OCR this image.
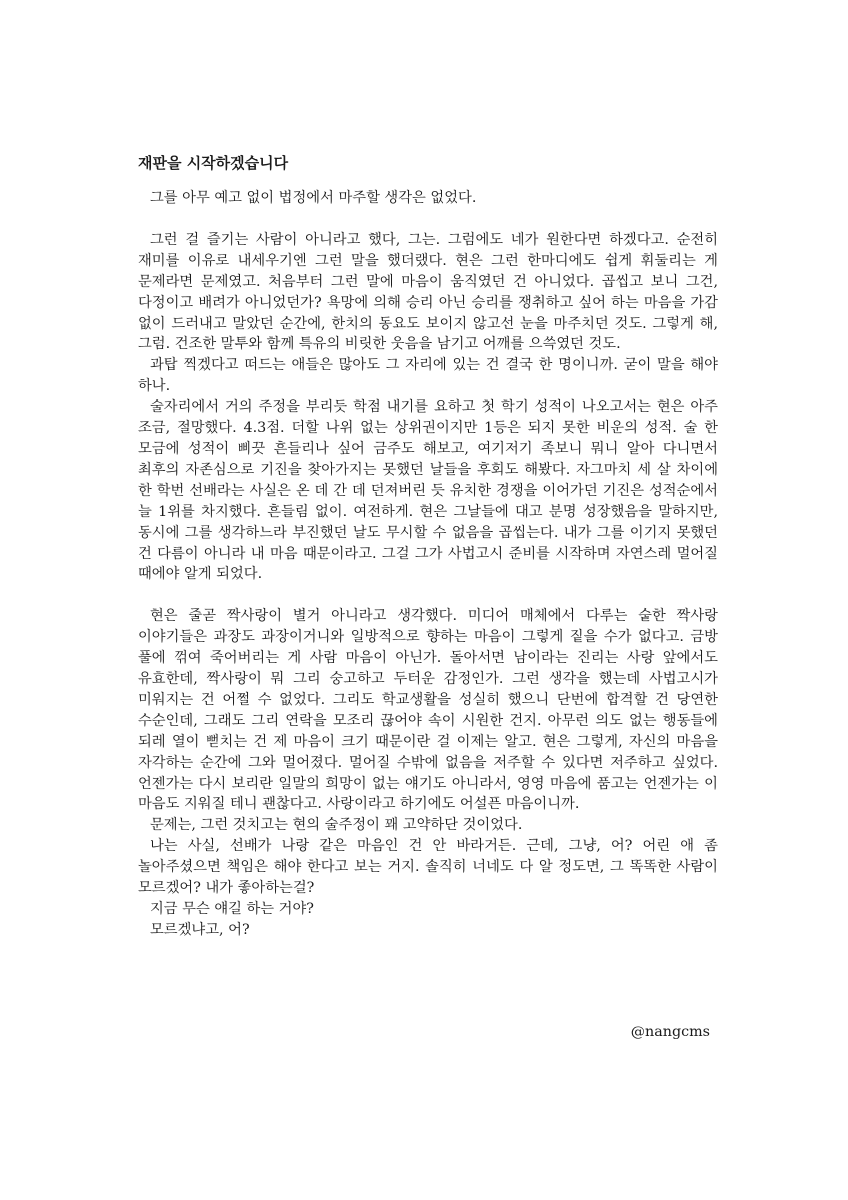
재판을 시작하겠습니다

그를 아무 예고 없이 법정에서 마주할 생각은 없었다.

그런 걸 즐기는 사람이 아니라고 했다, 그는. 그럼에도 네가 원한다면 하겠다고. 순전히 재미를 이유로 내세우기엔 그런 말을 했더랬다. 현은 그런 한마디에도 쉽게 휘둘리는 게 문제라면 문제였고. 처음부터 그런 말에 마음이 움직였던 건 아니었다. 곱씹고 보니 그건, 다정이고 배려가 아니었던가? 욕망에 의해 승리 아닌 승리를 쟁취하고 싶어 하는 마음을 가감 없이 드러내고 말았던 순간에, 한치의 동요도 보이지 않고선 눈을 마주치던 것도. 그렇게 해, 그럼. 건조한 말투와 함께 특유의 비릿한 웃음을 남기고 어깨를 으쓱였던 것도.

과탑 찍겠다고 떠드는 애들은 많아도 그 자리에 있는 건 결국 한 명이니까. 굳이 말을 해야 하나.

술자리에서 거의 주정을 부리듯 학점 내기를 요하고 첫 학기 성적이 나오고서는 현은 아주 조금, 절망했다. 4.3점. 더할 나위 없는 상위권이지만 1등은 되지 못한 비운의 성적. 술 한 모금에 성적이 삐끗 흔들리나 싶어 금주도 해보고, 여기저기 족보니 뭐니 알아 다니면서 최후의 자존심으로 기진을 찾아가지는 못했던 날들을 후회도 해봤다. 자그마치 세 살 차이에 한 학번 선배라는 사실은 온 데 간 데 던져버린 듯 유치한 경쟁을 이어가던 기진은 성적순에서 늘 1위를 차지했다. 흔들림 없이. 여전하게. 현은 그날들에 대고 분명 성장했음을 말하지만, 동시에 그를 생각하느라 부진했던 날도 무시할 수 없음을 곱씹는다. 내가 그를 이기지 못했던 건 다름이 아니라 내 마음 때문이라고. 그걸 그가 사법고시 준비를 시작하며 자연스레 멀어질 때에야 알게 되었다.

현은 줄곧 짝사랑이 별거 아니라고 생각했다. 미디어 매체에서 다루는 숱한 짝사랑 이야기들은 과장도 과장이거니와 일방적으로 향하는 마음이 그렇게 짙을 수가 없다고. 금방 풀에 꺾여 죽어버리는 게 사람 마음이 아닌가. 돌아서면 남이라는 진리는 사랑 앞에서도 유효한데, 짝사랑이 뭐 그리 숭고하고 두터운 감정인가. 그런 생각을 했는데 사법고시가 미워지는 건 어쩔 수 없었다. 그리도 학교생활을 성실히 했으니 단번에 합격할 건 당연한 수순인데, 그래도 그리 연락을 모조리 끊어야 속이 시원한 건지. 아무런 의도 없는 행동들에 되레 열이 뻗치는 건 제 마음이 크기 때문이란 걸 이제는 알고. 현은 그렇게, 자신의 마음을 자각하는 순간에 그와 멀어졌다. 멀어질 수밖에 없음을 저주할 수 있다면 저주하고 싶었다. 언젠가는 다시 보리란 일말의 희망이 없는 얘기도 아니라서, 영영 마음에 품고는 언젠가는 이 마음도 지워질 테니 괜찮다고. 사랑이라고 하기에도 어설픈 마음이니까.

문제는, 그런 것치고는 현의 술주정이 꽤 고약하단 것이었다.

나는 사실, 선배가 나랑 같은 마음인 건 안 바라거든. 근데, 그냥, 어? 어린 애 좀 놀아주셨으면 책임은 해야 한다고 보는 거지. 솔직히 너네도 다 알 정도면, 그 똑똑한 사람이 모르겠어? 내가 좋아하는걸?

지금 무슨 얘길 하는 거야?

모르겠냐고, 어?

@nangcms
